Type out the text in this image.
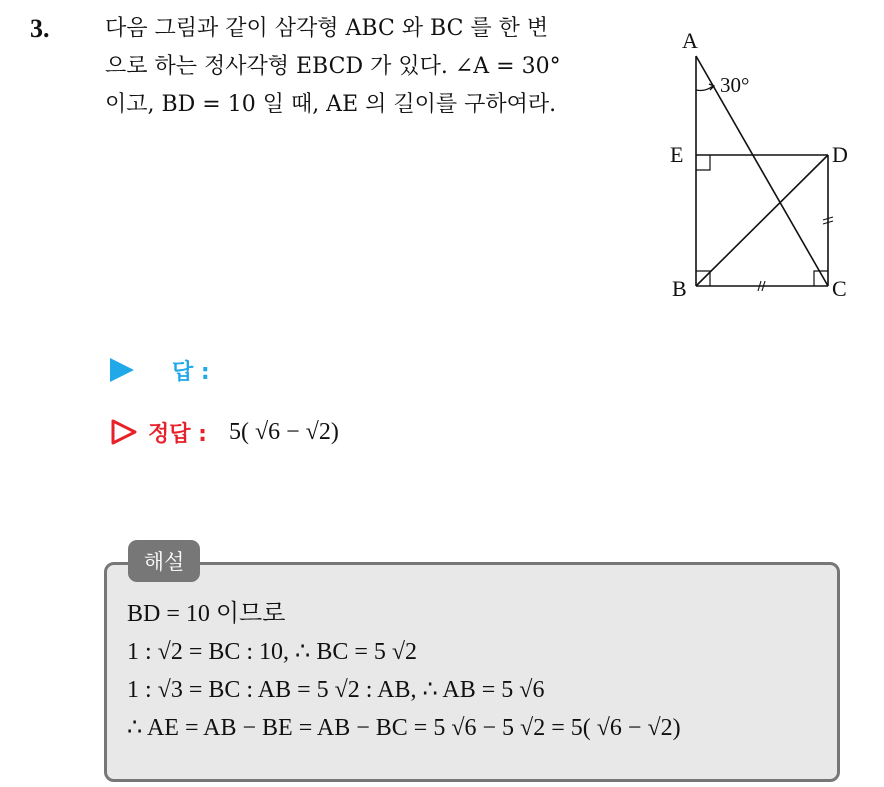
3.	다음 그림과 같이 삼각형 ABC 와 BC 를 한 변
으로 하는 정사각형 EBCD 가 있다. ∠A = 30°
이고, BD = 10 일 때, AE 의 길이를 구하여라.
A
30°
E	D
B	C
답 :
정답 : 5( √6 − √2)
BD = 10 이므로
1 : √2 = BC : 10, ∴ BC = 5 √2
1 : √3 = BC : AB = 5 √2 : AB, ∴ AB = 5 √6
∴ AE = AB − BE = AB − BC = 5 √6 − 5 √2 = 5( √6 − √2)
해설
